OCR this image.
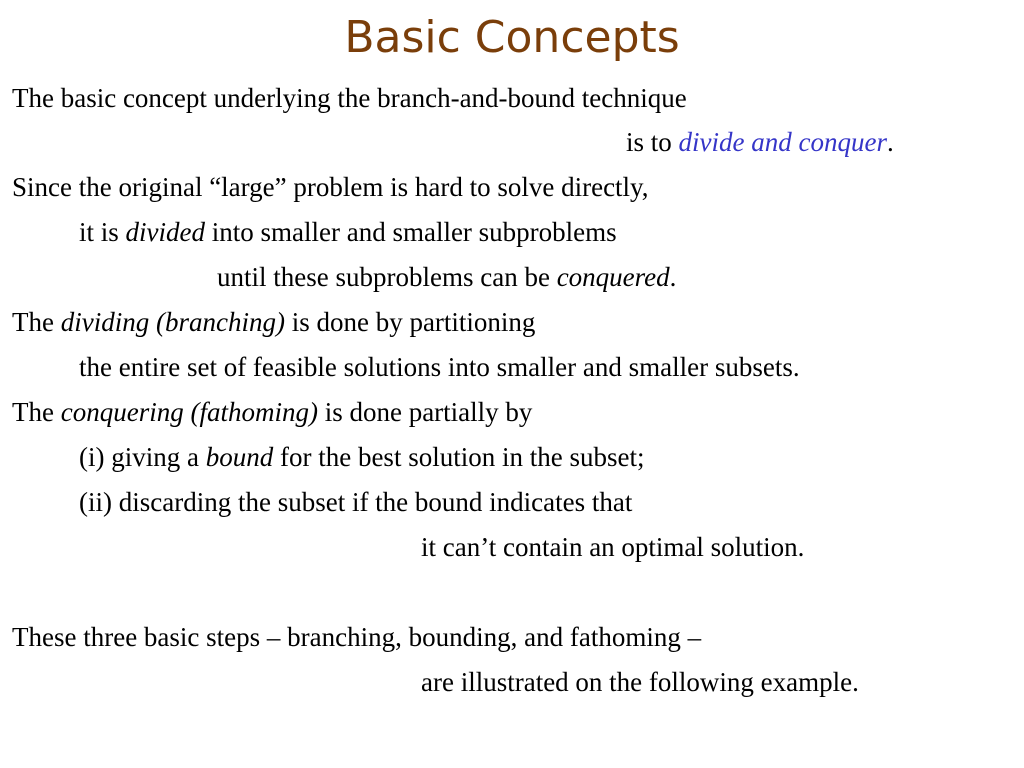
Basic Concepts
The basic concept underlying the branch-and-bound technique
is to divide and conquer.
Since the original “large” problem is hard to solve directly,
it is divided into smaller and smaller subproblems
until these subproblems can be conquered.
The dividing (branching) is done by partitioning
the entire set of feasible solutions into smaller and smaller subsets.
The conquering (fathoming) is done partially by
(i) giving a bound for the best solution in the subset;
(ii) discarding the subset if the bound indicates that
it can’t contain an optimal solution.
These three basic steps – branching, bounding, and fathoming –
are illustrated on the following example.
